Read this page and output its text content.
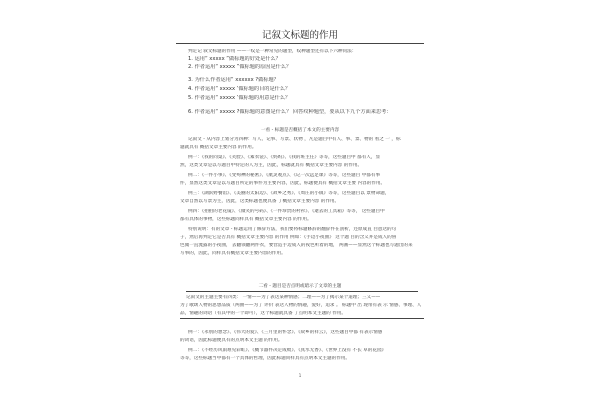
记叙文标题的作用
判定记 叙文标题的作用 ——一纹是一种常见的题型，纹种题型还有以下六种问法：
1. 运用“ xxxxx ”做标题的好处是什么？
2. 作者运用“ xxxxx ”做标题的原因是什么？
3. 为什么作者运用“ xxxxxx ?做标题？
4. 作者运用“ xxxxx ’做标题的目的是什么？
5. 作者运用“ xxxxx ’做标题的用意是什么？
6. 作者运用“ xxxxx ?做标题的意图是什么？ 回答纹种题型，要从以下九个方面来思考：
一看 - 标题是否概括了本文的主要内容
记叙文 - 从内容上划分为四种：写人、记事、写景、状物 ，凡是题目中有人、事、景、物的 看之 一 ，标
题就具有 概括文章主要内容 的作用。
例一：《我的同桌》、《笑脸》、《素衣裳》、《妈妈》、《我的班主任》等等，这些题目中 都有人，显
然，这类文章是以写题目中特定的人为主，因此，标题就具有 概括文章主要内容 的作用。
例二：《一件小事》、《变殉神的秘密》、《航灵观点》、《记一次远足课》等等，这些题目 中都有事
件，显然这类文章是以写题目所定的事件为主要内容，因此，标题便具有 概括文章主要 内容的作用。
例三：《湖滨野餐馆》、《美丽的太阳边》、《故乡之秀》、《周庄的小镇》等等，这些题目以 景物命题，
文章自然以写景为主，因此，这类标题也便具备 了概括文章主要内容 的作用。
例四：《拍拍的老花镜》、《微笑的号码》、《一件珍贵的衬衫》、《逝去的工具箱》等等， 这些题目中
都有具体的事物，这些标题同样具有 概括文章主要内容 的作用。
特别说明：有的文章 - 标题运用了修辞方法，我们要将标题修辞的翻辞件在剖析，还原成直 白意达的句
子，然后再判定它是否具有 概括文章主要内容 的作用 例如：《手边小夜曲》 这个题 目的含义并是成人的鲁
色微一直流露的小夜曲， 去翻领翻两件衣，要营造手边成人的夜色听着的地， 两画——显然这个标题也写题出的来
写事的，因此，同样具有概括文章主要内容的作用。
二看 - 题目是否点明或暗示了文章的主题
记叙文的主题主要有四类： 一情——为了表达某种情感；二理——为了揭示某个道理；三义——
为了歌颂人物的思想品质（两曲——为了 评价 表达人物的情趣，爱好，追求 。 标题中 出 现带有表 示 情感、事理、人
品，情趣的词语（有其中的一个即可），这个标题就具备 了点明本文主题的 作用。
例一：《永别的想念》、《伟大的爱》、《三月里的怀念》、《故乡的祥云》，这些题目中都 有表示情感
的词语，因此标题便具有的点明本文主题 的作用。
例二：《不经历风雨难见彩虹》、《概节器件决定成败》、《真水无香》、《世界上没有 不长 草的花园》
等等，这些标题当中都有一个具体的哲理，因此标题同样具有点明本文主题的作用。
1
